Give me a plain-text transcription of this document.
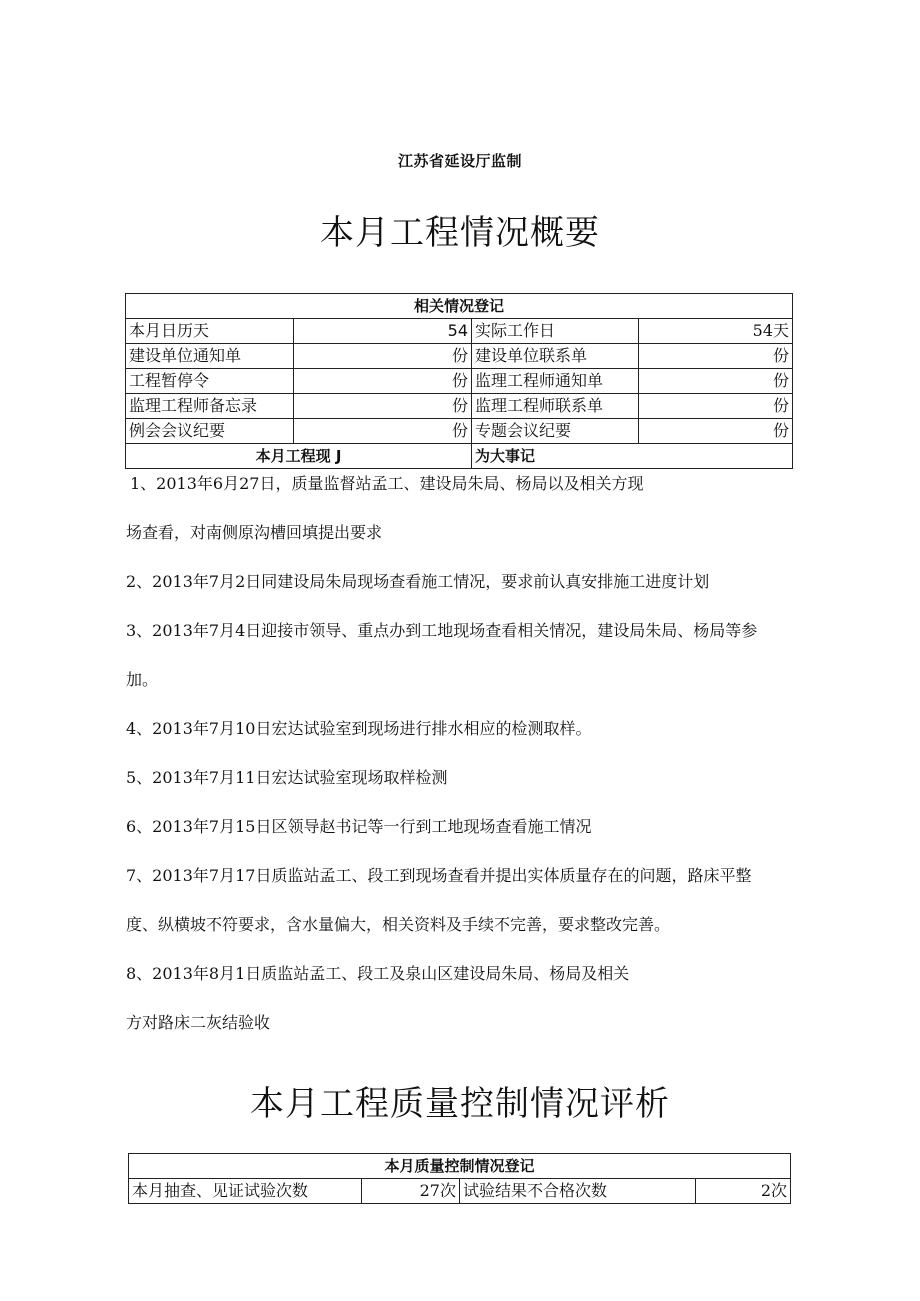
江苏省延设厅监制
本月工程情况概要
相关情况登记			
本月日历天	54	实际工作日	54天
建设单位通知单	份	建设单位联系单	份
工程暂停令	份	监理工程师通知单	份
监理工程师备忘录	份	监理工程师联系单	份
例会会议纪要	份	专题会议纪要	份
本月工程现 J		为大事记	

1、2013年6月27日，质量监督站孟工、建设局朱局、杨局以及相关方现

场查看，对南侧原沟槽回填提出要求

2、2013年7月2日同建设局朱局现场查看施工情况，要求前认真安排施工进度计划

3、2013年7月4日迎接市领导、重点办到工地现场查看相关情况，建设局朱局、杨局等参

加。

4、2013年7月10日宏达试验室到现场进行排水相应的检测取样。

5、2013年7月11日宏达试验室现场取样检测

6、2013年7月15日区领导赵书记等一行到工地现场查看施工情况

7、2013年7月17日质监站孟工、段工到现场查看并提出实体质量存在的问题，路床平整

度、纵横坡不符要求，含水量偏大，相关资料及手续不完善，要求整改完善。

8、2013年8月1日质监站孟工、段工及泉山区建设局朱局、杨局及相关

方对路床二灰结验收

本月工程质量控制情况评析
本月质量控制情况登记
本月抽查、见证试验次数	27次	试验结果不合格次数	2次
